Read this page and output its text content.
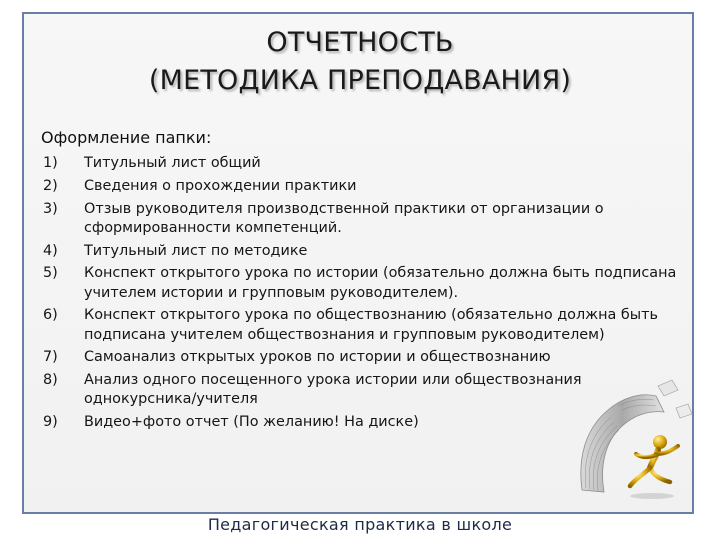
ОТЧЕТНОСТЬ
(МЕТОДИКА ПРЕПОДАВАНИЯ)
Оформление папки:
1) Титульный лист общий
2) Сведения о прохождении практики
3) Отзыв руководителя производственной практики от организации о сформированности компетенций.
4) Титульный лист по методике
5) Конспект открытого урока по истории (обязательно должна быть подписана учителем истории и групповым руководителем).
6) Конспект открытого урока по обществознанию (обязательно должна быть подписана учителем обществознания и групповым руководителем)
7) Самоанализ открытых уроков по истории и обществознанию
8) Анализ одного посещенного урока истории или обществознания однокурсника/учителя
9) Видео+фото отчет (По желанию! На диске)
Педагогическая практика в школе
